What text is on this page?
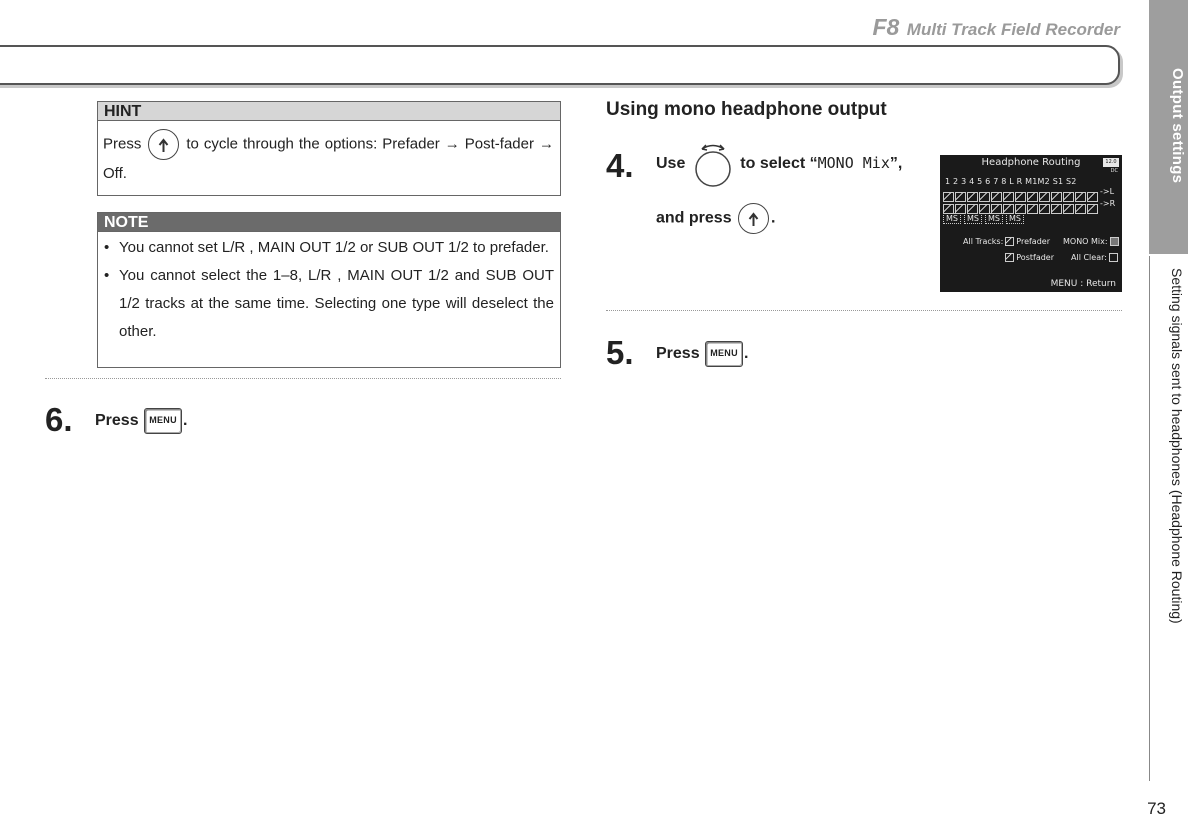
F8 Multi Track Field Recorder
Output settings
Setting signals sent to headphones (Headphone Routing)
73
HINT
Press	to cycle through the options: Prefader → Post-fader → Off.
NOTE
• You cannot set L/R , MAIN OUT 1/2 or SUB OUT 1/2 to prefader.
• You cannot select the 1–8, L/R , MAIN OUT 1/2 and SUB OUT 1/2 tracks at the same time. Selecting one type will deselect the other.
6. Press MENU .
Using mono headphone output
4. Use	to select “MONO Mix”,
and press .
Headphone Routing	12.0
DC
1 2 3 4 5 6 7 8 L R M1M2 S1 S2
->L
->R
MS MS MS MS
All Tracks: Prefader MONO Mix:
Postfader All Clear:
MENU : Return
5. Press MENU .
